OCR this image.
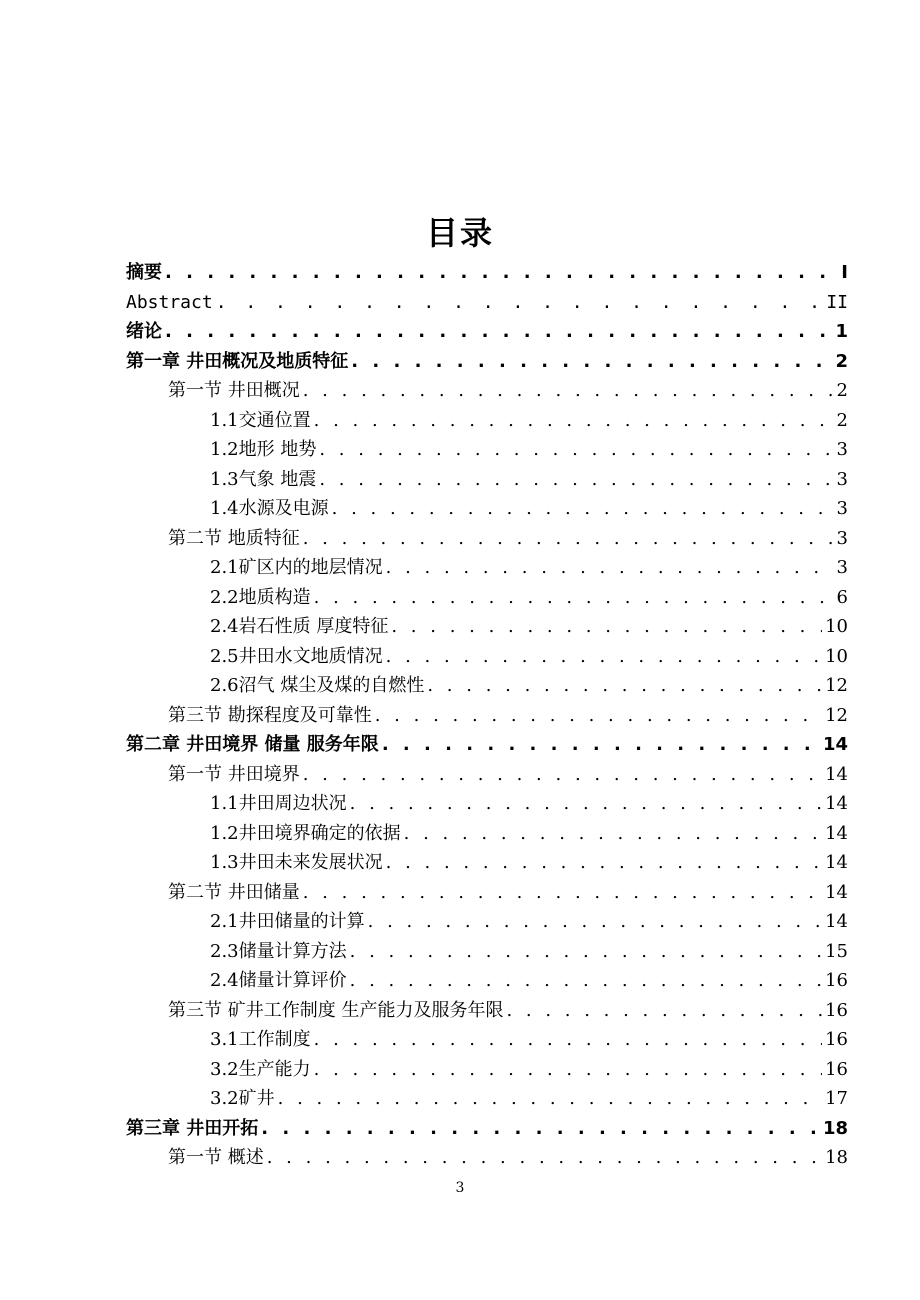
目录
摘要 . . .	I
Abstract . . .	II
绪论 . . .	1
第一章 井田概况及地质特征 . . .	2
第一节 井田概况 . . .	2
1.1交通位置 . . .	2
1.2地形 地势 . . .	3
1.3气象 地震 . . .	3
1.4水源及电源 . . .	3
第二节 地质特征 . . .	3
2.1矿区内的地层情况 . . .	3
2.2地质构造 . . .	6
2.4岩石性质 厚度特征 . . .	10
2.5井田水文地质情况 . . .	10
2.6沼气 煤尘及煤的自燃性 . . .	12
第三节 勘探程度及可靠性 . . .	12
第二章 井田境界 储量 服务年限 . . .	14
第一节 井田境界 . . .	14
1.1井田周边状况 . . .	14
1.2井田境界确定的依据 . . .	14
1.3井田未来发展状况 . . .	14
第二节 井田储量 . . .	14
2.1井田储量的计算 . . .	14
2.3储量计算方法 . . .	15
2.4储量计算评价 . . .	16
第三节 矿井工作制度 生产能力及服务年限 . . .	16
3.1工作制度 . . .	16
3.2生产能力 . . .	16
3.2矿井 . . .	17
第三章 井田开拓 . . .	18
第一节 概述 . . .	18
3
